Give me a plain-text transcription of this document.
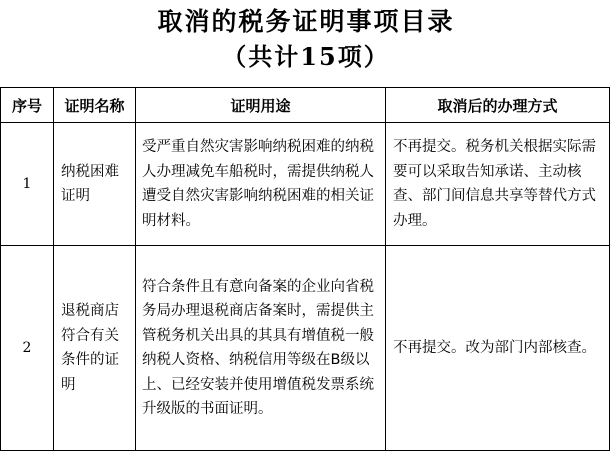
取消的税务证明事项目录
（共计15项）
序号	证明名称	证明用途	取消后的办理方式
1	纳税困难证明	受严重自然灾害影响纳税困难的纳税人办理减免车船税时，需提供纳税人遭受自然灾害影响纳税困难的相关证明材料。	不再提交。税务机关根据实际需要可以采取告知承诺、主动核查、部门间信息共享等替代方式办理。
2	退税商店符合有关条件的证明	符合条件且有意向备案的企业向省税务局办理退税商店备案时，需提供主管税务机关出具的其具有增值税一般纳税人资格、纳税信用等级在B级以上、已经安装并使用增值税发票系统升级版的书面证明。	不再提交。改为部门内部核查。
